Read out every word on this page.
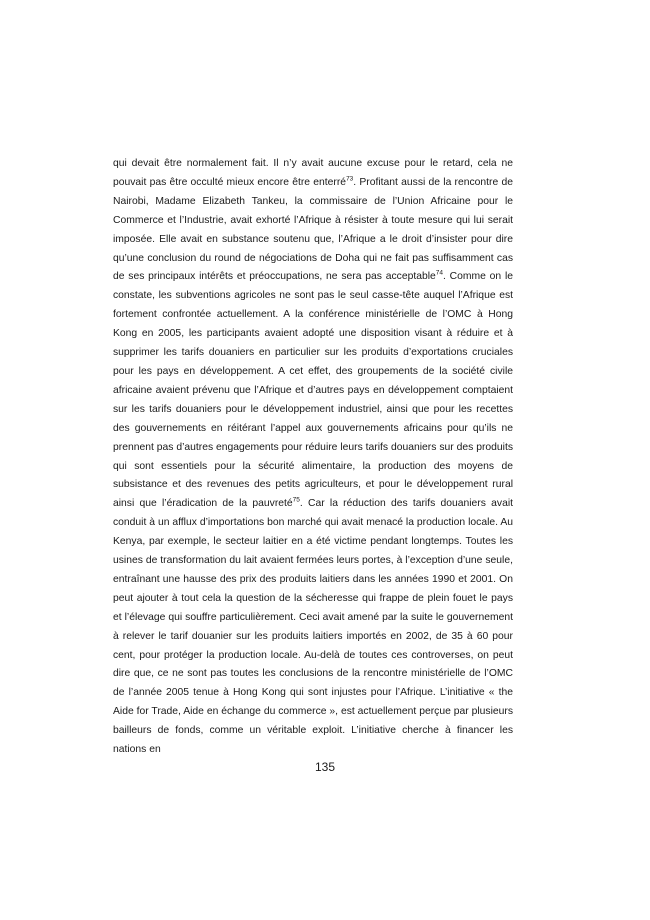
qui devait être normalement fait. Il n’y avait aucune excuse pour le retard, cela ne pouvait pas être occulté mieux encore être enterré$^{73}$. Profitant aussi de la rencontre de Nairobi, Madame Elizabeth Tankeu, la commissaire de l’Union Africaine pour le Commerce et l’Industrie, avait exhorté l’Afrique à résister à toute mesure qui lui serait imposée. Elle avait en substance soutenu que, l’Afrique a le droit d’insister pour dire qu’une conclusion du round de négociations de Doha qui ne fait pas suffisamment cas de ses principaux intérêts et préoccupations, ne sera pas acceptable$^{74}$. Comme on le constate, les subventions agricoles ne sont pas le seul casse-tête auquel l’Afrique est fortement confrontée actuellement. A la conférence ministérielle de l’OMC à Hong Kong en 2005, les participants avaient adopté une disposition visant à réduire et à supprimer les tarifs douaniers en particulier sur les produits d’exportations cruciales pour les pays en développement. A cet effet, des groupements de la société civile africaine avaient prévenu que l’Afrique et d’autres pays en développement comptaient sur les tarifs douaniers pour le développement industriel, ainsi que pour les recettes des gouvernements en réitérant l’appel aux gouvernements africains pour qu’ils ne prennent pas d’autres engagements pour réduire leurs tarifs douaniers sur des produits qui sont essentiels pour la sécurité alimentaire, la production des moyens de subsistance et des revenues des petits agriculteurs, et pour le développement rural ainsi que l’éradication de la pauvreté$^{75}$. Car la réduction des tarifs douaniers avait conduit à un afflux d’importations bon marché qui avait menacé la production locale. Au Kenya, par exemple, le secteur laitier en a été victime pendant longtemps. Toutes les usines de transformation du lait avaient fermées leurs portes, à l’exception d’une seule, entraînant une hausse des prix des produits laitiers dans les années 1990 et 2001. On peut ajouter à tout cela la question de la sécheresse qui frappe de plein fouet le pays et l’élevage qui souffre particulièrement. Ceci avait amené par la suite le gouvernement à relever le tarif douanier sur les produits laitiers importés en 2002, de 35 à 60 pour cent, pour protéger la production locale. Au-delà de toutes ces controverses, on peut dire que, ce ne sont pas toutes les conclusions de la rencontre ministérielle de l’OMC de l’année 2005 tenue à Hong Kong qui sont injustes pour l’Afrique. L’initiative « the Aide for Trade, Aide en échange du commerce », est actuellement perçue par plusieurs bailleurs de fonds, comme un véritable exploit. L’initiative cherche à financer les nations en

135
